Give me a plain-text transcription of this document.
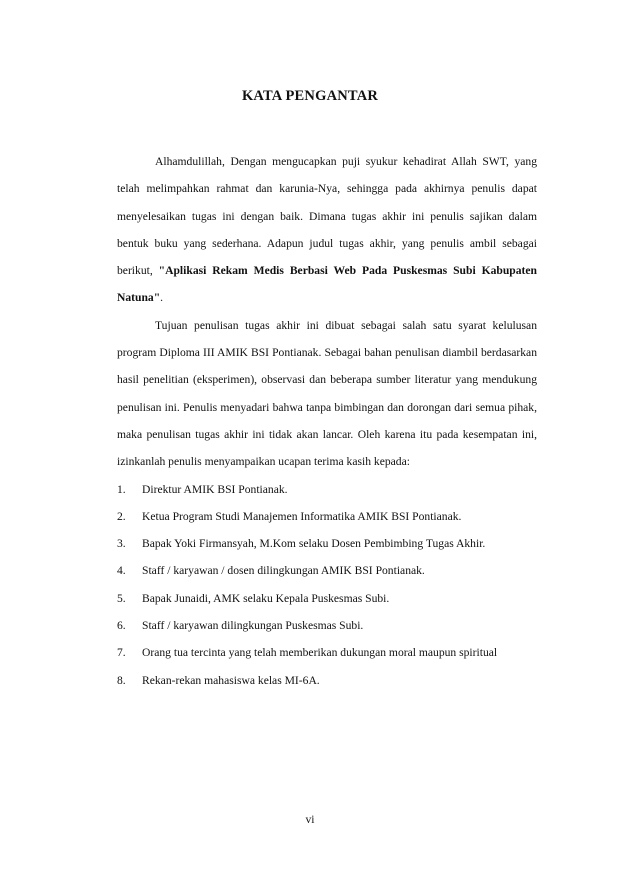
KATA PENGANTAR

Alhamdulillah, Dengan mengucapkan puji syukur kehadirat Allah SWT, yang telah melimpahkan rahmat dan karunia-Nya, sehingga pada akhirnya penulis dapat menyelesaikan tugas ini dengan baik. Dimana tugas akhir ini penulis sajikan dalam bentuk buku yang sederhana. Adapun judul tugas akhir, yang penulis ambil sebagai berikut, "Aplikasi Rekam Medis Berbasi Web Pada Puskesmas Subi Kabupaten Natuna".

Tujuan penulisan tugas akhir ini dibuat sebagai salah satu syarat kelulusan program Diploma III AMIK BSI Pontianak. Sebagai bahan penulisan diambil berdasarkan hasil penelitian (eksperimen), observasi dan beberapa sumber literatur yang mendukung penulisan ini. Penulis menyadari bahwa tanpa bimbingan dan dorongan dari semua pihak, maka penulisan tugas akhir ini tidak akan lancar. Oleh karena itu pada kesempatan ini, izinkanlah penulis menyampaikan ucapan terima kasih kepada:

1. Direktur AMIK BSI Pontianak.
2. Ketua Program Studi Manajemen Informatika AMIK BSI Pontianak.
3. Bapak Yoki Firmansyah, M.Kom selaku Dosen Pembimbing Tugas Akhir.
4. Staff / karyawan / dosen dilingkungan AMIK BSI Pontianak.
5. Bapak Junaidi, AMK selaku Kepala Puskesmas Subi.
6. Staff / karyawan dilingkungan Puskesmas Subi.
7. Orang tua tercinta yang telah memberikan dukungan moral maupun spiritual
8. Rekan-rekan mahasiswa kelas MI-6A.
vi
